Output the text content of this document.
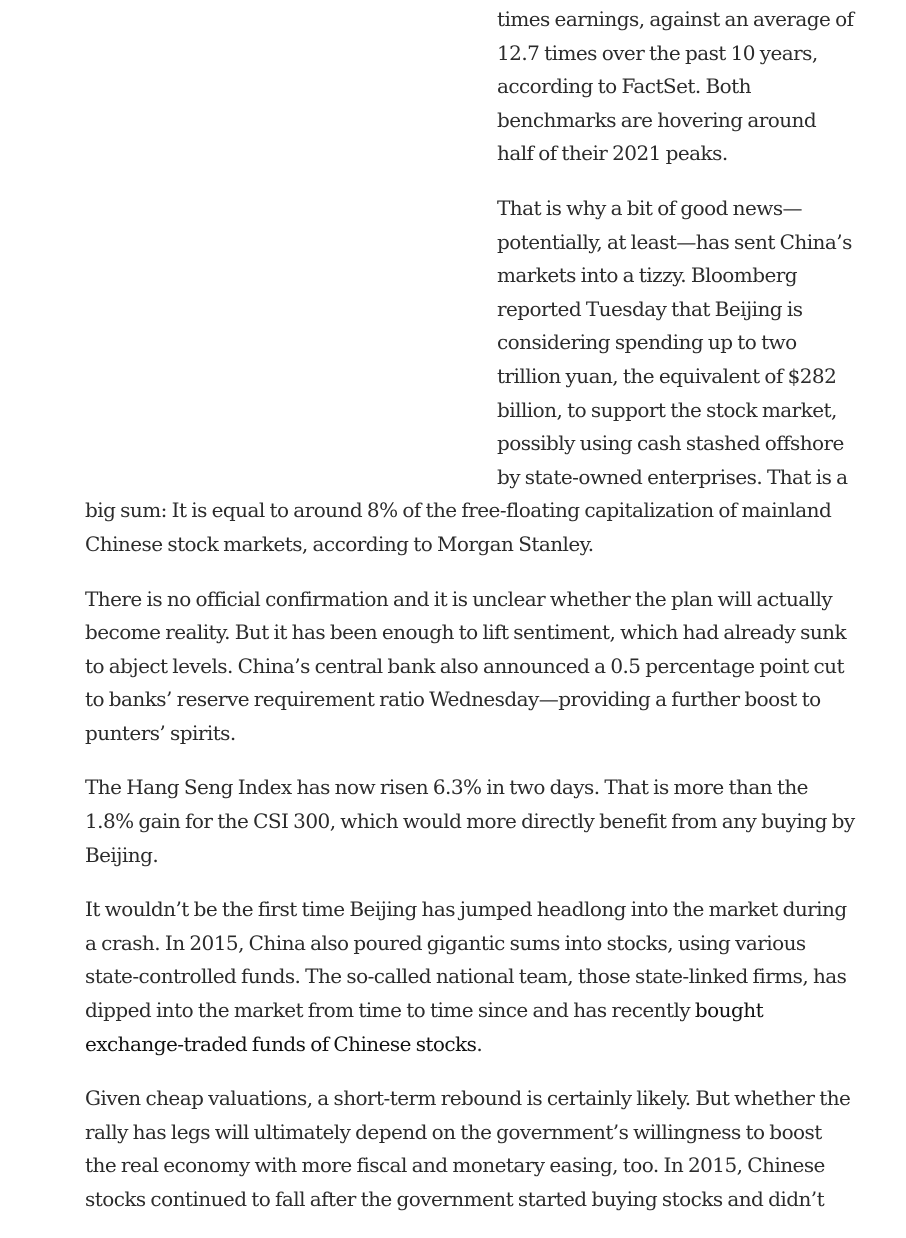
times earnings, against an average of 12.7 times over the past 10 years, according to FactSet. Both benchmarks are hovering around half of their 2021 peaks.

That is why a bit of good news—potentially, at least—has sent China’s markets into a tizzy. Bloomberg reported Tuesday that Beijing is considering spending up to two trillion yuan, the equivalent of $282 billion, to support the stock market, possibly using cash stashed offshore by state-owned enterprises. That is a big sum: It is equal to around 8% of the free-floating capitalization of mainland Chinese stock markets, according to Morgan Stanley.

There is no official confirmation and it is unclear whether the plan will actually become reality. But it has been enough to lift sentiment, which had already sunk to abject levels. China’s central bank also announced a 0.5 percentage point cut to banks’ reserve requirement ratio Wednesday—providing a further boost to punters’ spirits.

The Hang Seng Index has now risen 6.3% in two days. That is more than the 1.8% gain for the CSI 300, which would more directly benefit from any buying by Beijing.

It wouldn’t be the first time Beijing has jumped headlong into the market during a crash. In 2015, China also poured gigantic sums into stocks, using various state-controlled funds. The so-called national team, those state-linked firms, has dipped into the market from time to time since and has recently bought exchange-traded funds of Chinese stocks.

Given cheap valuations, a short-term rebound is certainly likely. But whether the rally has legs will ultimately depend on the government’s willingness to boost the real economy with more fiscal and monetary easing, too. In 2015, Chinese stocks continued to fall after the government started buying stocks and didn’t
